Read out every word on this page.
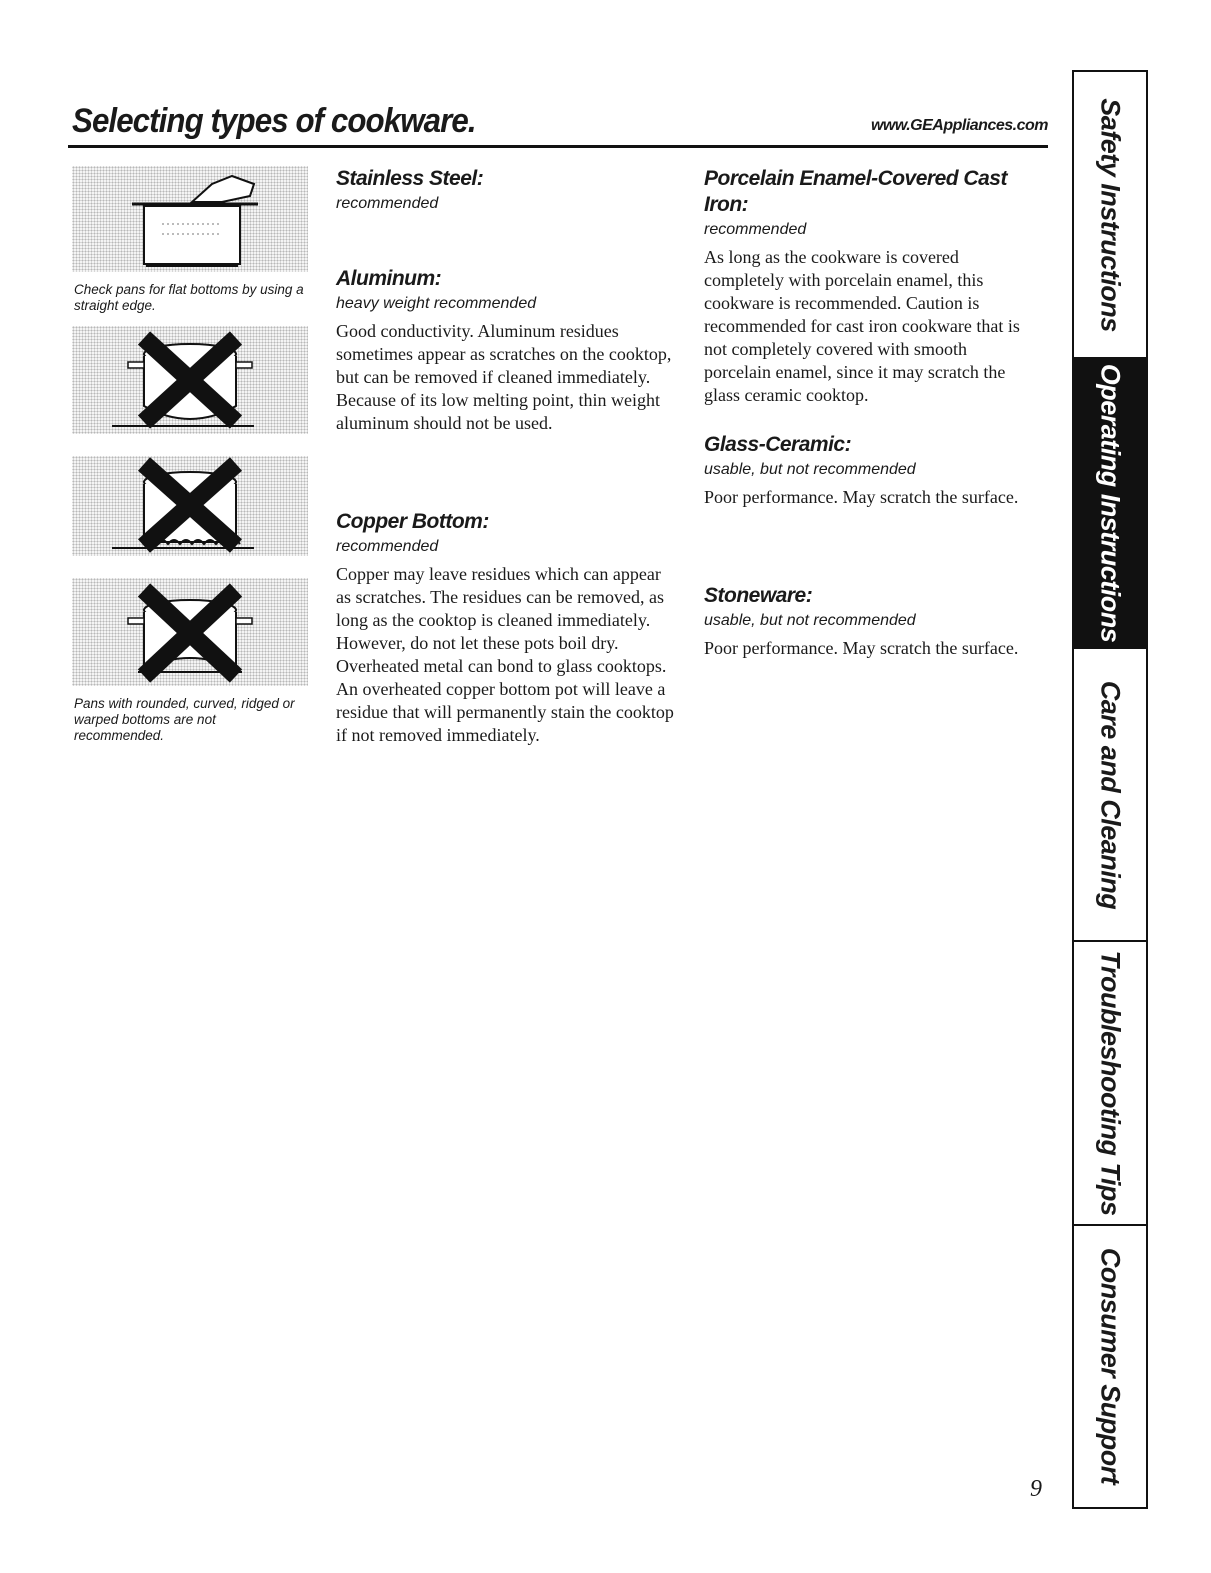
Selecting types of cookware.	www.GEAppliances.com
Check pans for flat bottoms by using a straight edge.
Pans with rounded, curved, ridged or warped bottoms are not recommended.
Stainless Steel:
recommended
Aluminum:
heavy weight recommended

Good conductivity. Aluminum residues sometimes appear as scratches on the cooktop, but can be removed if cleaned immediately. Because of its low melting point, thin weight aluminum should not be used.

Copper Bottom:
recommended

Copper may leave residues which can appear as scratches. The residues can be removed, as long as the cooktop is cleaned immediately. However, do not let these pots boil dry. Overheated metal can bond to glass cooktops. An overheated copper bottom pot will leave a residue that will permanently stain the cooktop if not removed immediately.

Porcelain Enamel-Covered Cast Iron:
recommended

As long as the cookware is covered completely with porcelain enamel, this cookware is recommended. Caution is recommended for cast iron cookware that is not completely covered with smooth porcelain enamel, since it may scratch the glass ceramic cooktop.

Glass-Ceramic:
usable, but not recommended

Poor performance. May scratch the surface.

Stoneware:
usable, but not recommended

Poor performance. May scratch the surface.

9
Safety Instructions
Operating Instructions
Care and Cleaning
Troubleshooting Tips
Consumer Support
